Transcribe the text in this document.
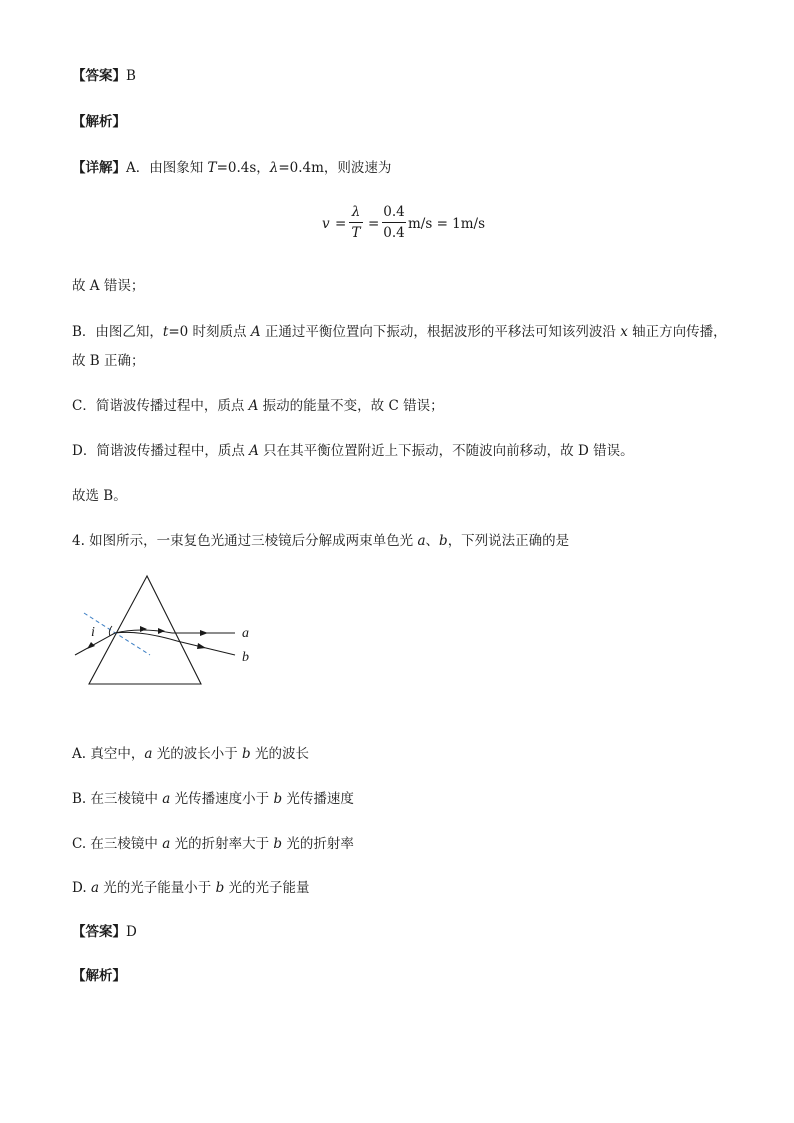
【答案】B
【解析】
【详解】A．由图象知 T=0.4s，λ=0.4m，则波速为
v =
λ
T
=
0.4
0.4
m/s = 1m/s
故 A 错误；
B．由图乙知，t=0 时刻质点 A 正通过平衡位置向下振动，根据波形的平移法可知该列波沿 x 轴正方向传播，
故 B 正确；
C．简谐波传播过程中，质点 A 振动的能量不变，故 C 错误；
D．简谐波传播过程中，质点 A 只在其平衡位置附近上下振动，不随波向前移动，故 D 错误。
故选 B。
4. 如图所示，一束复色光通过三棱镜后分解成两束单色光 a、b，下列说法正确的是
i	a
b
A. 真空中，a 光的波长小于 b 光的波长
B. 在三棱镜中 a 光传播速度小于 b 光传播速度
C. 在三棱镜中 a 光的折射率大于 b 光的折射率
D. a 光的光子能量小于 b 光的光子能量
【答案】D
【解析】
